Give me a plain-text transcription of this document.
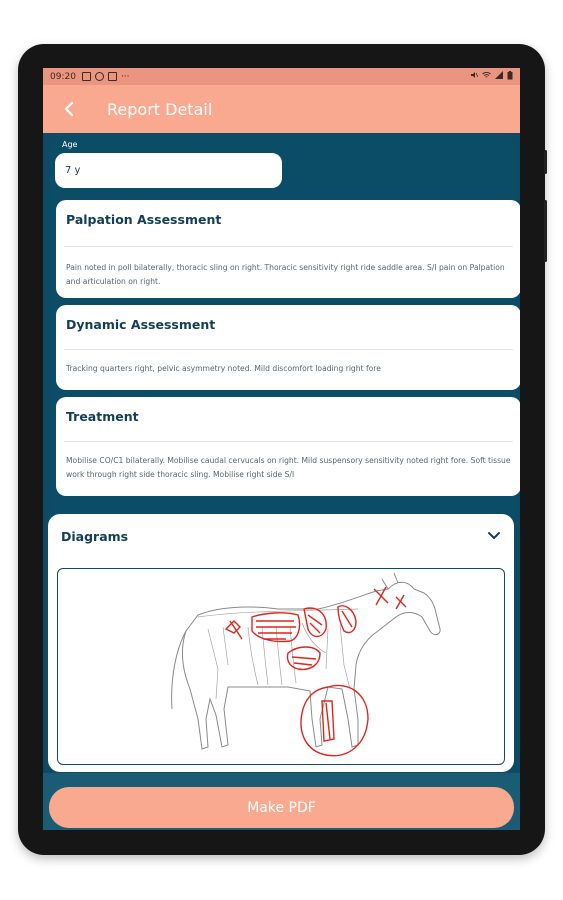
09:20	···
Report Detail
Age
7 y
Palpation Assessment
Pain noted in poll bilaterally, thoracic sling on right. Thoracic sensitivity right ride saddle area. S/I pain on Palpation and articulation on right.
Dynamic Assessment
Tracking quarters right, pelvic asymmetry noted. Mild discomfort loading right fore
Treatment
Mobilise CO/C1 bilaterally. Mobilise caudal cervucals on right. Mild suspensory sensitivity noted right fore. Soft tissue work through right side thoracic sling. Mobilise right side S/I
Diagrams
Make PDF
